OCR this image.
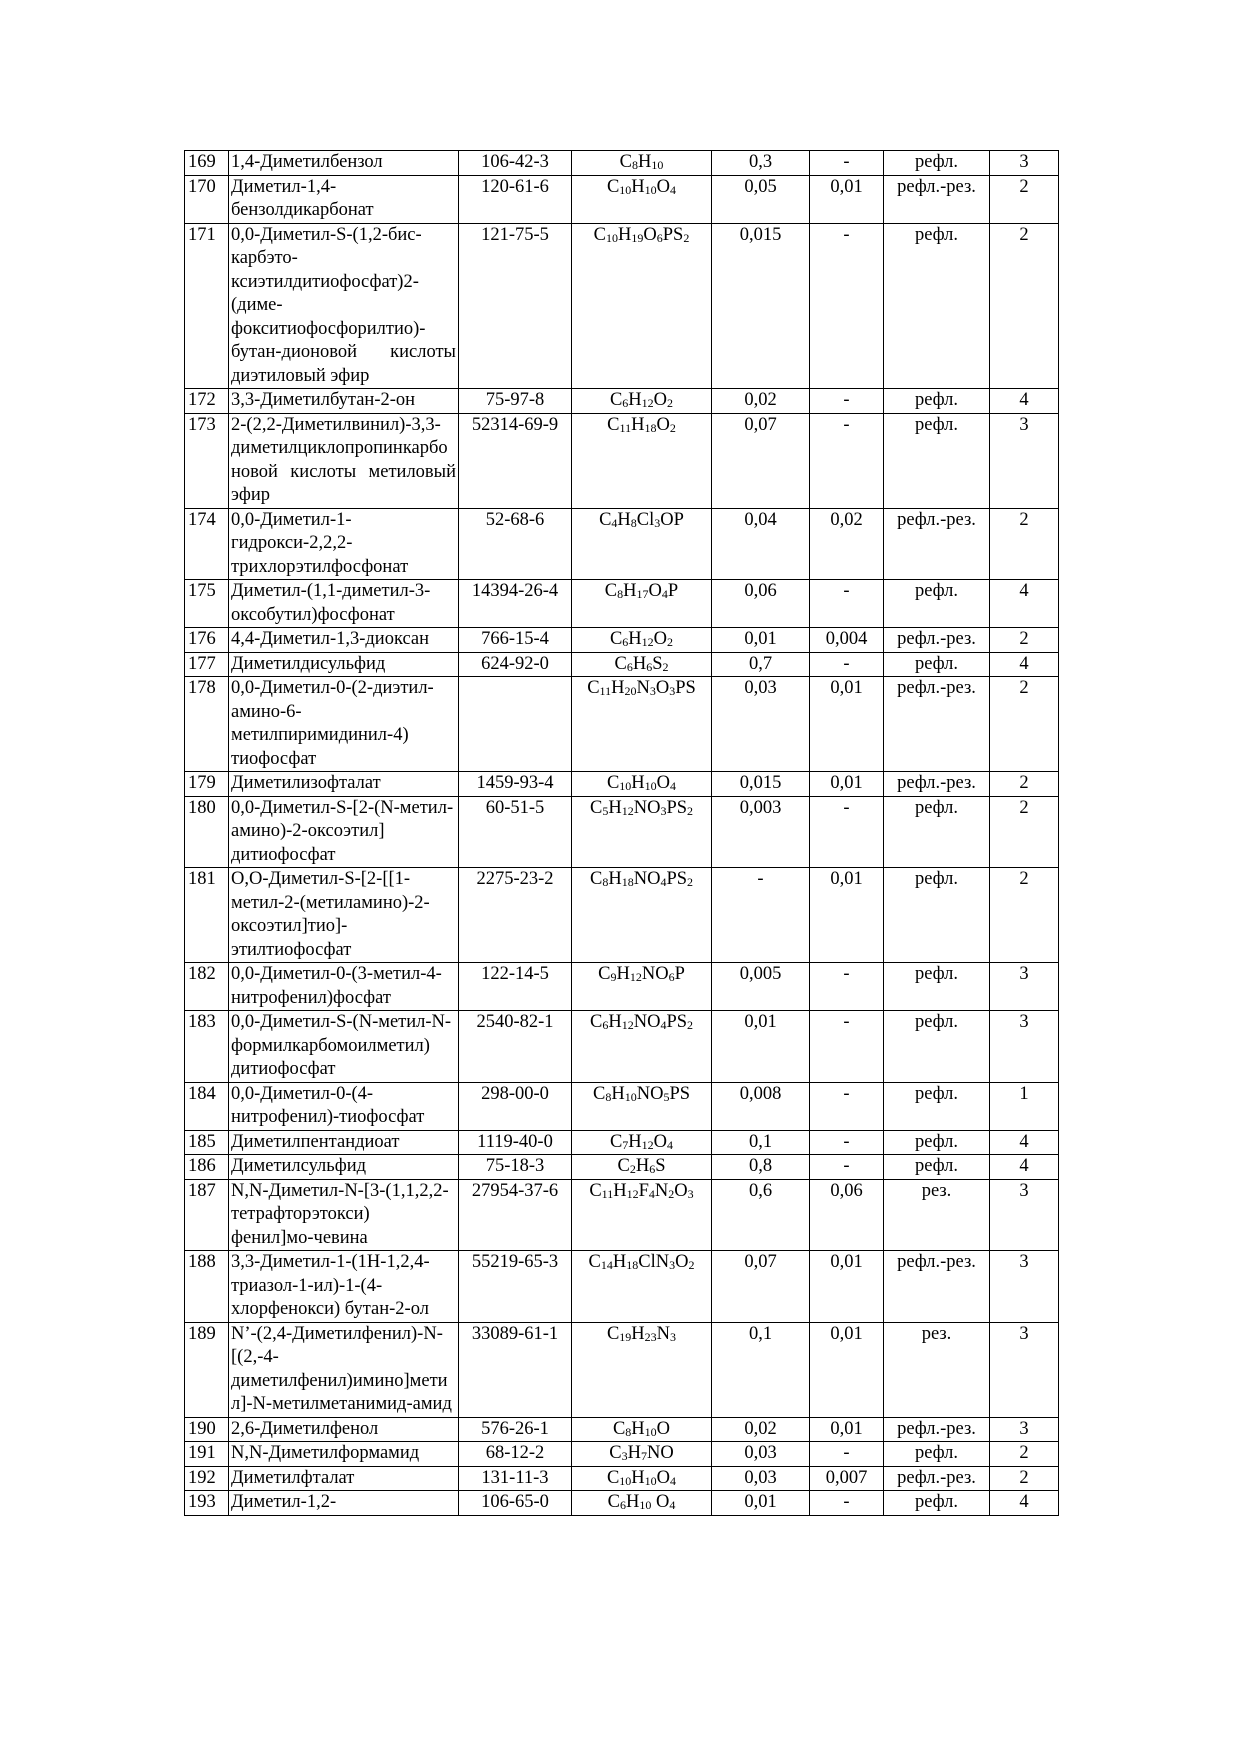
169	1,4-Диметилбензол	106-42-3	$C_8H_{10}$	0,3	-	рефл.	3
170	Диметил-1,4-бензолдикарбонат	120-61-6	$C_{10}H_{10}O_4$	0,05	0,01	рефл.-рез.	2
171	0,0-Диметил-S-(1,2-бис-карбэто-ксиэтилдитиофосфат)2-(диме-фокситиофосфорилтио)-бутан-дионовой кислоты диэтиловый эфир	121-75-5	$C_{10}H_{19}O_6PS_2$	0,015	-	рефл.	2
172	3,3-Диметилбутан-2-он	75-97-8	$C_6H_{12}O_2$	0,02	-	рефл.	4
173	2-(2,2-Диметилвинил)-3,3-диметилциклопропинкарбоновой кислоты метиловый эфир	52314-69-9	$C_{11}H_{18}O_2$	0,07	-	рефл.	3
174	0,0-Диметил-1-гидрокси-2,2,2-трихлорэтилфосфонат	52-68-6	$C_4H_8Cl_3OP$	0,04	0,02	рефл.-рез.	2
175	Диметил-(1,1-диметил-3-оксобутил)фосфонат	14394-26-4	$C_8H_{17}O_4P$	0,06	-	рефл.	4
176	4,4-Диметил-1,3-диоксан	766-15-4	$C_6H_{12}O_2$	0,01	0,004	рефл.-рез.	2
177	Диметилдисульфид	624-92-0	$C_6H_6S_2$	0,7	-	рефл.	4
178	0,0-Диметил-0-(2-диэтил-амино-6-метилпиримидинил-4) тиофосфат		$C_{11}H_{20}N_3O_3PS$	0,03	0,01	рефл.-рез.	2
179	Диметилизофталат	1459-93-4	$C_{10}H_{10}O_4$	0,015	0,01	рефл.-рез.	2
180	0,0-Диметил-S-[2-(N-метил-амино)-2-оксоэтил] дитиофосфат	60-51-5	$C_5H_{12}NO_3PS_2$	0,003	-	рефл.	2
181	O,O-Диметил-S-[2-[[1-метил-2-(метиламино)-2-оксоэтил]тио]-этилтиофосфат	2275-23-2	$C_8H_{18}NO_4PS_2$	-	0,01	рефл.	2
182	0,0-Диметил-0-(3-метил-4-нитрофенил)фосфат	122-14-5	$C_9H_{12}NO_6P$	0,005	-	рефл.	3
183	0,0-Диметил-S-(N-метил-N-формилкарбомоилметил) дитиофосфат	2540-82-1	$C_6H_{12}NO_4PS_2$	0,01	-	рефл.	3
184	0,0-Диметил-0-(4-нитрофенил)-тиофосфат	298-00-0	$C_8H_{10}NO_5PS$	0,008	-	рефл.	1
185	Диметилпентандиоат	1119-40-0	$C_7H_{12}O_4$	0,1	-	рефл.	4
186	Диметилсульфид	75-18-3	$C_2H_6S$	0,8	-	рефл.	4
187	N,N-Диметил-N-[3-(1,1,2,2-тетрафторэтокси) фенил]мо-чевина	27954-37-6	$C_{11}H_{12}F_4N_2O_3$	0,6	0,06	рез.	3
188	3,3-Диметил-1-(1Н-1,2,4-триазол-1-ил)-1-(4-хлорфенокси) бутан-2-ол	55219-65-3	$C_{14}H_{18}ClN_3O_2$	0,07	0,01	рефл.-рез.	3
189	N’-(2,4-Диметилфенил)-N-[(2,-4-диметилфенил)имино]метил]-N-метилметанимид-амид	33089-61-1	$C_{19}H_{23}N_3$	0,1	0,01	рез.	3
190	2,6-Диметилфенол	576-26-1	$C_8H_{10}O$	0,02	0,01	рефл.-рез.	3
191	N,N-Диметилформамид	68-12-2	$C_3H_7NO$	0,03	-	рефл.	2
192	Диметилфталат	131-11-3	$C_{10}H_{10}O_4$	0,03	0,007	рефл.-рез.	2
193	Диметил-1,2-	106-65-0	$C_6H_{10}$ $O_4$	0,01	-	рефл.	4
